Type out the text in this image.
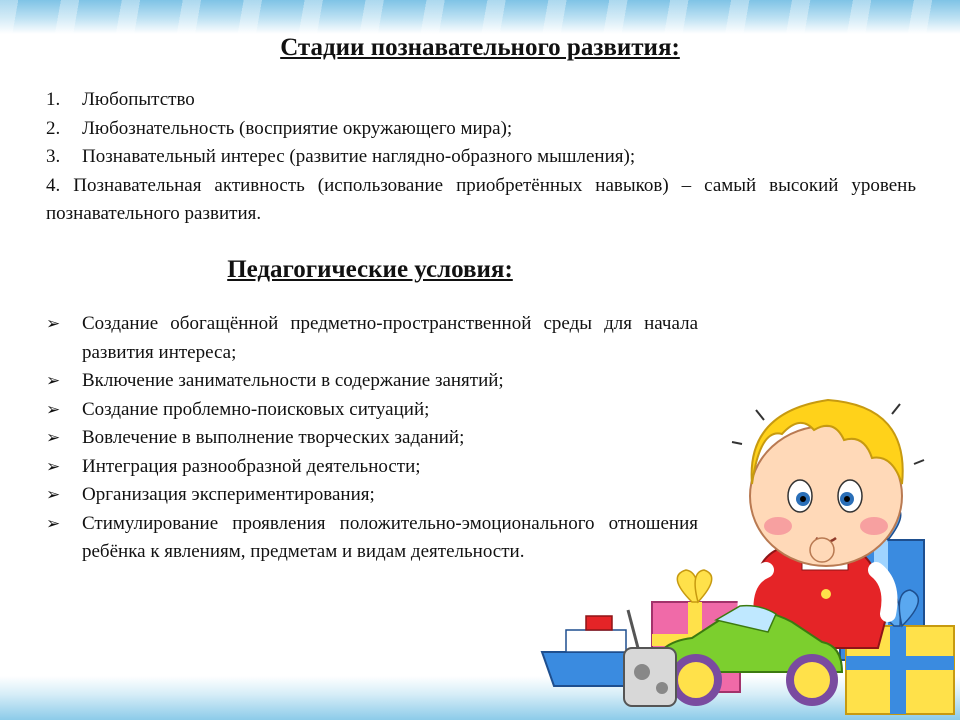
Стадии познавательного развития:
1. Любопытство
2. Любознательность (восприятие окружающего мира);
3. Познавательный интерес (развитие наглядно-образного мышления);
4. Познавательная активность (использование приобретённых навыков) – самый высокий уровень познавательного развития.
Педагогические условия:
➢ Создание обогащённой предметно-пространственной среды для начала развития интереса;
➢ Включение занимательности в содержание занятий;
➢ Создание проблемно-поисковых ситуаций;
➢ Вовлечение в выполнение творческих заданий;
➢ Интеграция разнообразной деятельности;
➢ Организация экспериментирования;
➢ Стимулирование проявления положительно-эмоционального отношения ребёнка к явлениям, предметам и видам деятельности.
